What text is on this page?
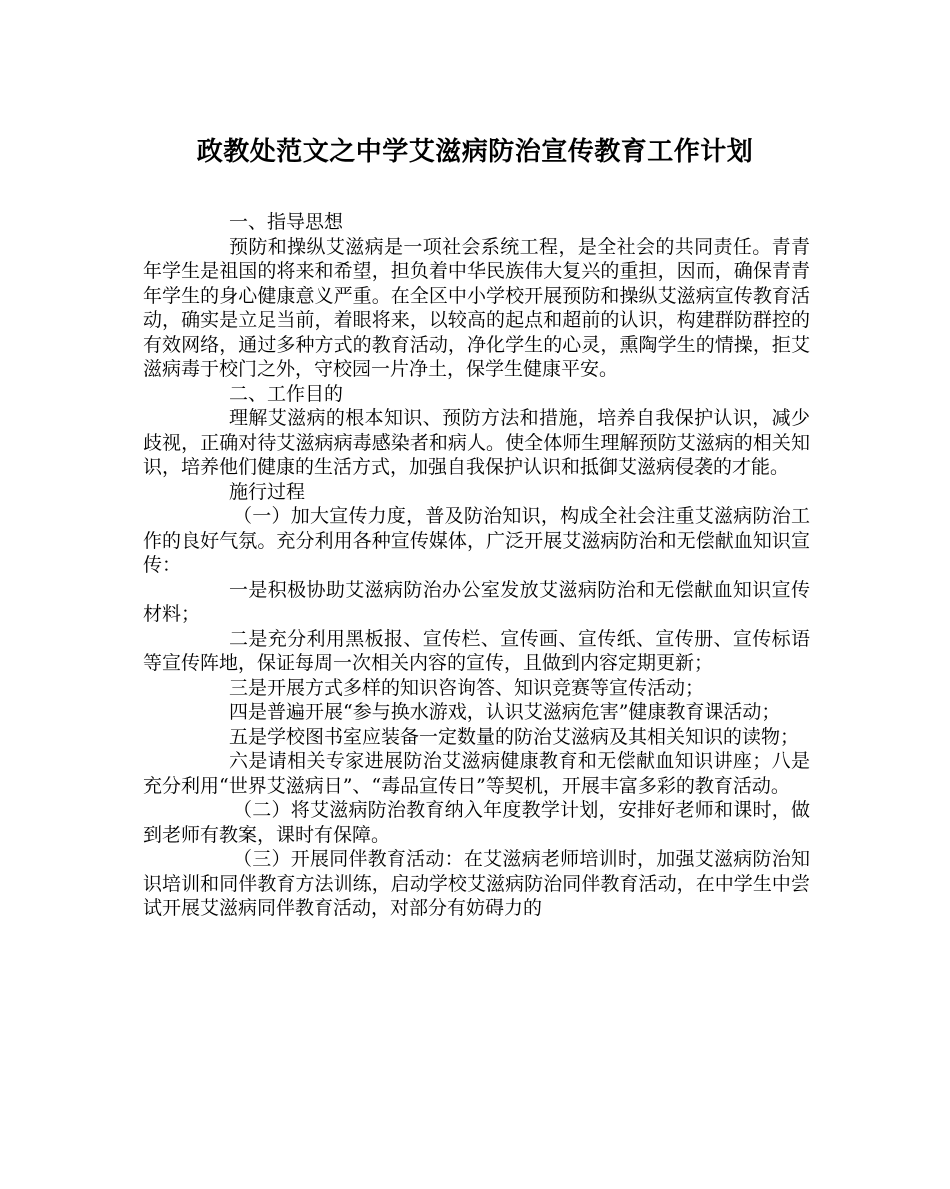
政教处范文之中学艾滋病防治宣传教育工作计划

一、指导思想

预防和操纵艾滋病是一项社会系统工程，是全社会的共同责任。青青年学生是祖国的将来和希望，担负着中华民族伟大复兴的重担，因而，确保青青年学生的身心健康意义严重。在全区中小学校开展预防和操纵艾滋病宣传教育活动，确实是立足当前，着眼将来，以较高的起点和超前的认识，构建群防群控的有效网络，通过多种方式的教育活动，净化学生的心灵，熏陶学生的情操，拒艾滋病毒于校门之外，守校园一片净土，保学生健康平安。

二、工作目的

理解艾滋病的根本知识、预防方法和措施，培养自我保护认识，减少歧视，正确对待艾滋病病毒感染者和病人。使全体师生理解预防艾滋病的相关知识，培养他们健康的生活方式，加强自我保护认识和抵御艾滋病侵袭的才能。

施行过程

（一）加大宣传力度，普及防治知识，构成全社会注重艾滋病防治工作的良好气氛。充分利用各种宣传媒体，广泛开展艾滋病防治和无偿献血知识宣传：

一是积极协助艾滋病防治办公室发放艾滋病防治和无偿献血知识宣传材料；

二是充分利用黑板报、宣传栏、宣传画、宣传纸、宣传册、宣传标语等宣传阵地，保证每周一次相关内容的宣传，且做到内容定期更新；

三是开展方式多样的知识咨询答、知识竞赛等宣传活动；

四是普遍开展“参与换水游戏，认识艾滋病危害”健康教育课活动；

五是学校图书室应装备一定数量的防治艾滋病及其相关知识的读物；

六是请相关专家进展防治艾滋病健康教育和无偿献血知识讲座；八是充分利用“世界艾滋病日”、“毒品宣传日”等契机，开展丰富多彩的教育活动。

（二）将艾滋病防治教育纳入年度教学计划，安排好老师和课时，做到老师有教案，课时有保障。

（三）开展同伴教育活动：在艾滋病老师培训时，加强艾滋病防治知识培训和同伴教育方法训练，启动学校艾滋病防治同伴教育活动，在中学生中尝试开展艾滋病同伴教育活动，对部分有妨碍力的
